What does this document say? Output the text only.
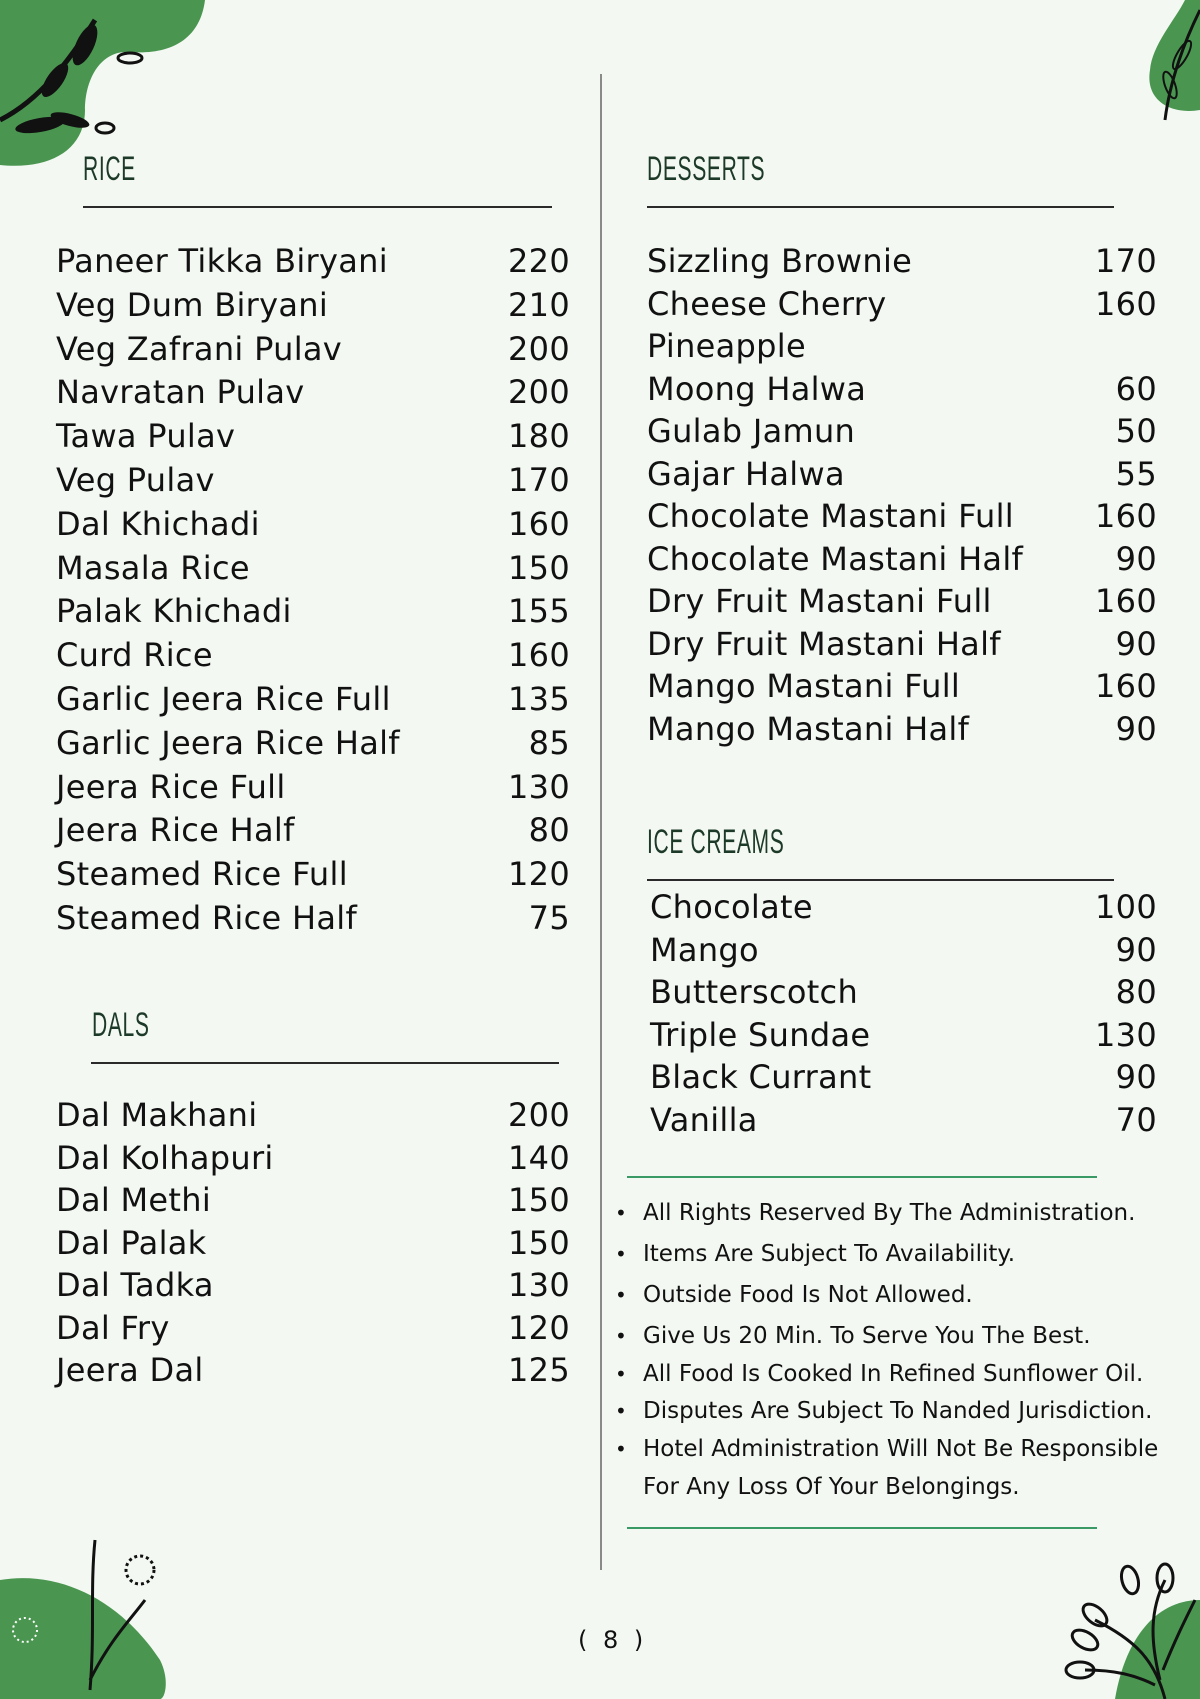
RICE
Paneer Tikka Biryani	220
Veg Dum Biryani	210
Veg Zafrani Pulav	200
Navratan Pulav	200
Tawa Pulav	180
Veg Pulav	170
Dal Khichadi	160
Masala Rice	150
Palak Khichadi	155
Curd Rice	160
Garlic Jeera Rice Full	135
Garlic Jeera Rice Half	85
Jeera Rice Full	130
Jeera Rice Half	80
Steamed Rice Full	120
Steamed Rice Half	75
DALS
Dal Makhani	200
Dal Kolhapuri	140
Dal Methi	150
Dal Palak	150
Dal Tadka	130
Dal Fry	120
Jeera Dal	125
DESSERTS
Sizzling Brownie	170
Cheese Cherry	160
Pineapple
Moong Halwa	60
Gulab Jamun	50
Gajar Halwa	55
Chocolate Mastani Full	160
Chocolate Mastani Half	90
Dry Fruit Mastani Full	160
Dry Fruit Mastani Half	90
Mango Mastani Full	160
Mango Mastani Half	90
ICE CREAMS
Chocolate	100
Mango	90
Butterscotch	80
Triple Sundae	130
Black Currant	90
Vanilla	70
• All Rights Reserved By The Administration.
• Items Are Subject To Availability.
• Outside Food Is Not Allowed.
• Give Us 20 Min. To Serve You The Best.
• All Food Is Cooked In Refined Sunflower Oil.
• Disputes Are Subject To Nanded Jurisdiction.
• Hotel Administration Will Not Be Responsible
For Any Loss Of Your Belongings.
( 8 )
